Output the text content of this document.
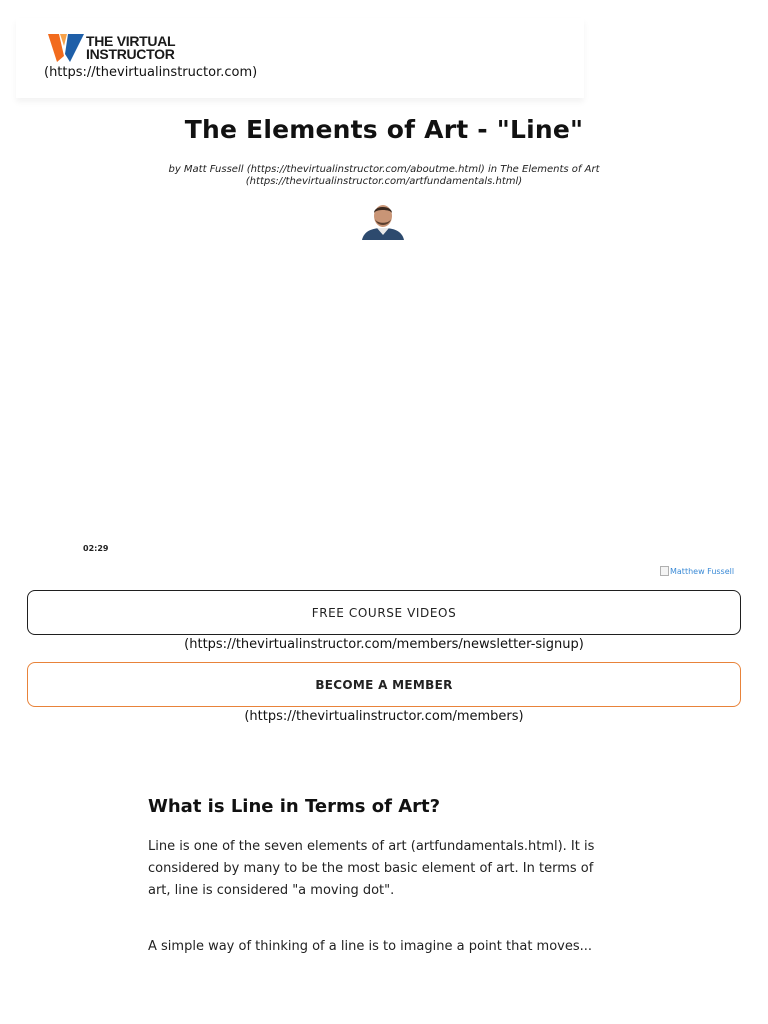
THE VIRTUAL
INSTRUCTOR
(https://thevirtualinstructor.com)
The Elements of Art - "Line"
by Matt Fussell (https://thevirtualinstructor.com/aboutme.html) in The Elements of Art
(https://thevirtualinstructor.com/artfundamentals.html)
02:29
Matthew Fussell
FREE COURSE VIDEOS
(https://thevirtualinstructor.com/members/newsletter-signup)
BECOME A MEMBER
(https://thevirtualinstructor.com/members)
What is Line in Terms of Art?

Line is one of the seven elements of art (artfundamentals.html). It is considered by many to be the most basic element of art. In terms of art, line is considered "a moving dot".

A simple way of thinking of a line is to imagine a point that moves...
